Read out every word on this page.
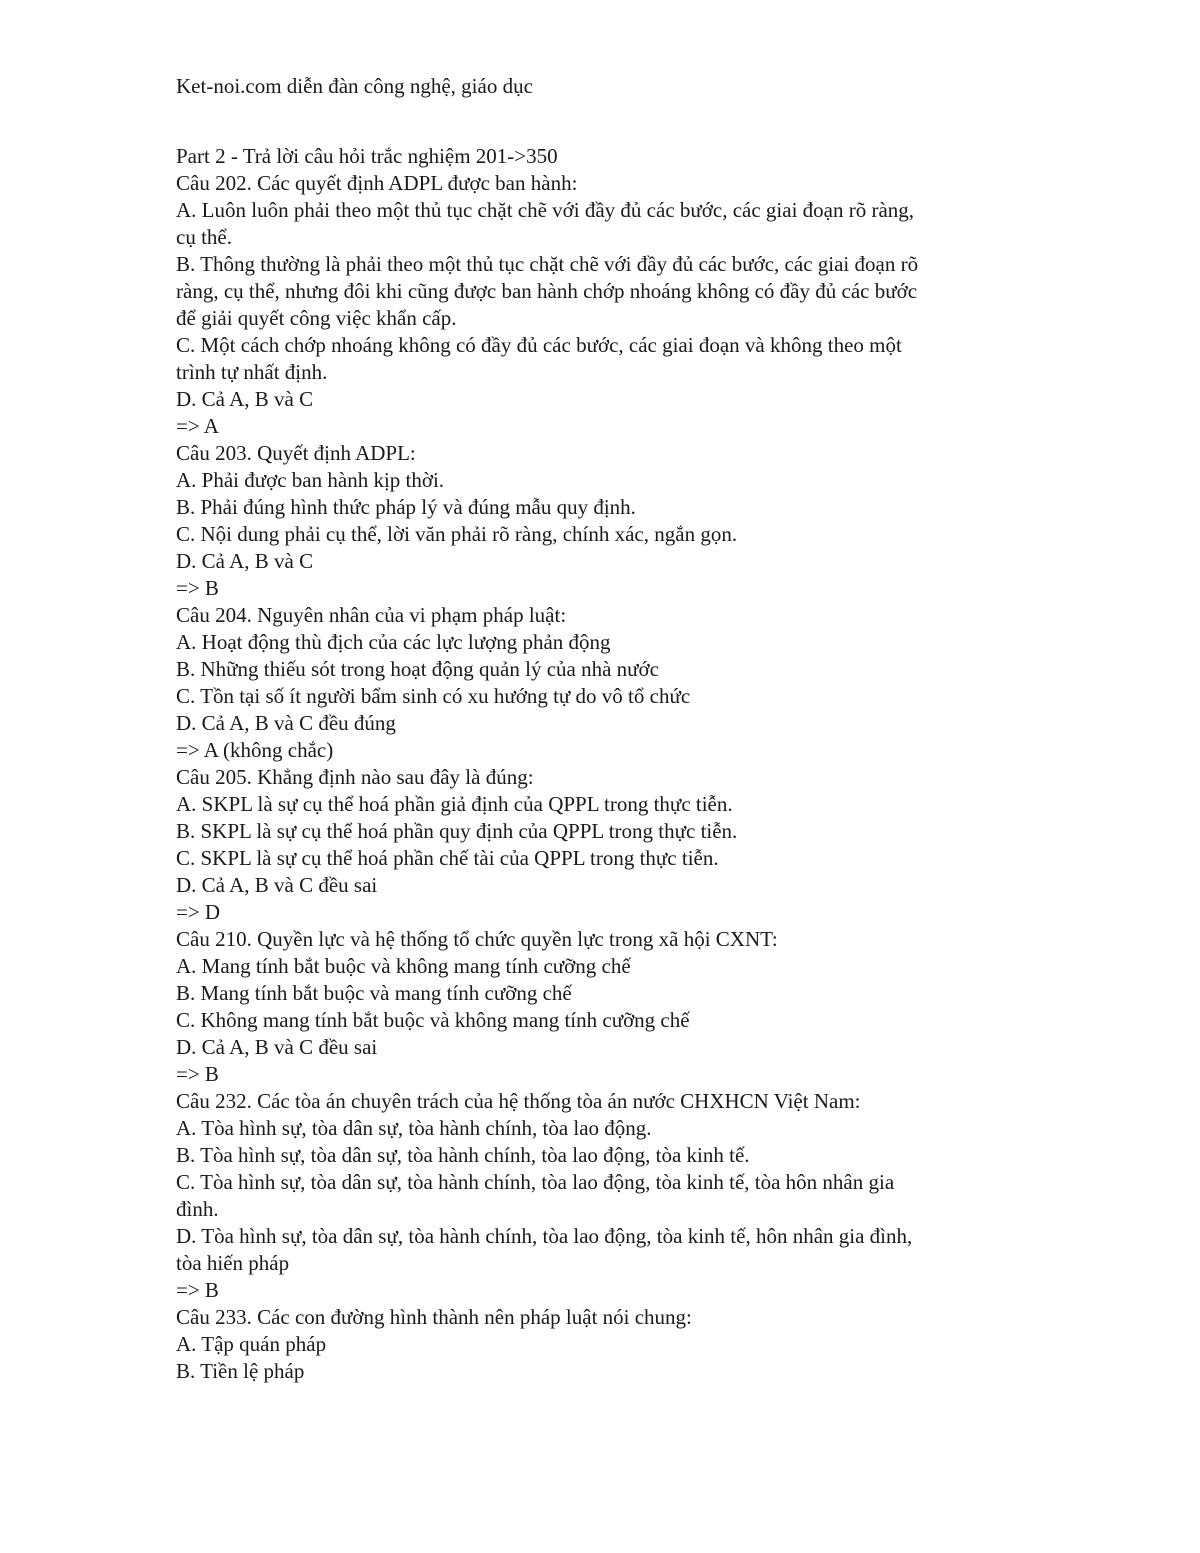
Ket-noi.com diễn đàn công nghệ, giáo dục
Part 2 - Trả lời câu hỏi trắc nghiệm 201->350
Câu 202. Các quyết định ADPL được ban hành:
A. Luôn luôn phải theo một thủ tục chặt chẽ với đầy đủ các bước, các giai đoạn rõ ràng,
cụ thể.
B. Thông thường là phải theo một thủ tục chặt chẽ với đầy đủ các bước, các giai đoạn rõ
ràng, cụ thể, nhưng đôi khi cũng được ban hành chớp nhoáng không có đầy đủ các bước
để giải quyết công việc khẩn cấp.
C. Một cách chớp nhoáng không có đầy đủ các bước, các giai đoạn và không theo một
trình tự nhất định.
D. Cả A, B và C
=> A
Câu 203. Quyết định ADPL:
A. Phải được ban hành kịp thời.
B. Phải đúng hình thức pháp lý và đúng mẫu quy định.
C. Nội dung phải cụ thể, lời văn phải rõ ràng, chính xác, ngắn gọn.
D. Cả A, B và C
=> B
Câu 204. Nguyên nhân của vi phạm pháp luật:
A. Hoạt động thù địch của các lực lượng phản động
B. Những thiếu sót trong hoạt động quản lý của nhà nước
C. Tồn tại số ít người bẩm sinh có xu hướng tự do vô tổ chức
D. Cả A, B và C đều đúng
=> A (không chắc)
Câu 205. Khẳng định nào sau đây là đúng:
A. SKPL là sự cụ thể hoá phần giả định của QPPL trong thực tiễn.
B. SKPL là sự cụ thể hoá phần quy định của QPPL trong thực tiễn.
C. SKPL là sự cụ thể hoá phần chế tài của QPPL trong thực tiễn.
D. Cả A, B và C đều sai
=> D
Câu 210. Quyền lực và hệ thống tổ chức quyền lực trong xã hội CXNT:
A. Mang tính bắt buộc và không mang tính cưỡng chế
B. Mang tính bắt buộc và mang tính cưỡng chế
C. Không mang tính bắt buộc và không mang tính cưỡng chế
D. Cả A, B và C đều sai
=> B
Câu 232. Các tòa án chuyên trách của hệ thống tòa án nước CHXHCN Việt Nam:
A. Tòa hình sự, tòa dân sự, tòa hành chính, tòa lao động.
B. Tòa hình sự, tòa dân sự, tòa hành chính, tòa lao động, tòa kinh tế.
C. Tòa hình sự, tòa dân sự, tòa hành chính, tòa lao động, tòa kinh tế, tòa hôn nhân gia
đình.
D. Tòa hình sự, tòa dân sự, tòa hành chính, tòa lao động, tòa kinh tế, hôn nhân gia đình,
tòa hiến pháp
=> B
Câu 233. Các con đường hình thành nên pháp luật nói chung:
A. Tập quán pháp
B. Tiền lệ pháp
